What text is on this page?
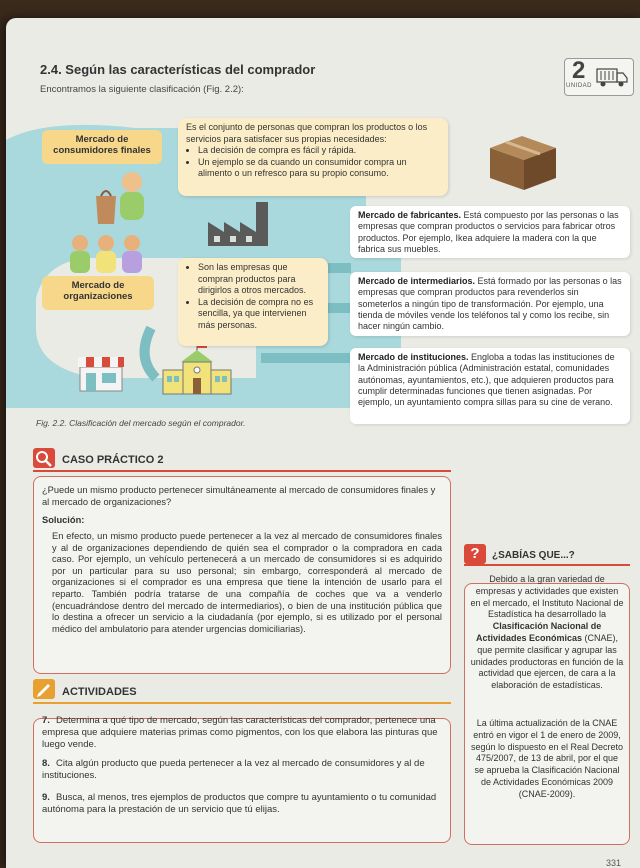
2.4. Según las características del comprador
Encontramos la siguiente clasificación (Fig. 2.2):
2
UNIDAD
Mercado de consumidores finales
Mercado de organizaciones
Es el conjunto de personas que compran los productos o los servicios para satisfacer sus propias necesidades:
• La decisión de compra es fácil y rápida.
• Un ejemplo se da cuando un consumidor compra un alimento o un refresco para su propio consumo.
• Son las empresas que compran productos para dirigirlos a otros mercados.
• La decisión de compra no es sencilla, ya que intervienen más personas.
Mercado de fabricantes. Está compuesto por las personas o las empresas que compran productos o servicios para fabricar otros productos. Por ejemplo, Ikea adquiere la madera con la que fabrica sus muebles.
Mercado de intermediarios. Está formado por las personas o las empresas que compran productos para revenderlos sin someterlos a ningún tipo de transformación. Por ejemplo, una tienda de móviles vende los teléfonos tal y como los recibe, sin hacer ningún cambio.
Mercado de instituciones. Engloba a todas las instituciones de la Administración pública (Administración estatal, comunidades autónomas, ayuntamientos, etc.), que adquieren productos para cumplir determinadas funciones que tienen asignadas. Por ejemplo, un ayuntamiento compra sillas para su cine de verano.
Fig. 2.2. Clasificación del mercado según el comprador.
CASO PRÁCTICO 2
¿Puede un mismo producto pertenecer simultáneamente al mercado de consumidores finales y al mercado de organizaciones?
Solución:
En efecto, un mismo producto puede pertenecer a la vez al mercado de consumidores finales y al de organizaciones dependiendo de quién sea el comprador o la compradora en cada caso. Por ejemplo, un vehículo pertenecerá a un mercado de consumidores si es adquirido por un particular para su uso personal; sin embargo, corresponderá al mercado de organizaciones si el comprador es una empresa que tiene la intención de usarlo para el reparto. También podría tratarse de una compañía de coches que va a venderlo (encuadrándose dentro del mercado de intermediarios), o bien de una institución pública que lo destina a ofrecer un servicio a la ciudadanía (por ejemplo, si es utilizado por el personal médico del ambulatorio para atender urgencias domiciliarias).
ACTIVIDADES
7. Determina a qué tipo de mercado, según las características del comprador, pertenece una empresa que adquiere materias primas como pigmentos, con los que elabora las pinturas que luego vende.
8. Cita algún producto que pueda pertenecer a la vez al mercado de consumidores y al de instituciones.
9. Busca, al menos, tres ejemplos de productos que compre tu ayuntamiento o tu comunidad autónoma para la prestación de un servicio que tú elijas.
?	¿SABÍAS QUE...?
Debido a la gran variedad de empresas y actividades que existen en el mercado, el Instituto Nacional de Estadística ha desarrollado la Clasificación Nacional de Actividades Económicas (CNAE), que permite clasificar y agrupar las unidades productoras en función de la actividad que ejercen, de cara a la elaboración de estadísticas.
La última actualización de la CNAE entró en vigor el 1 de enero de 2009, según lo dispuesto en el Real Decreto 475/2007, de 13 de abril, por el que se aprueba la Clasificación Nacional de Actividades Económicas 2009 (CNAE-2009).
331
